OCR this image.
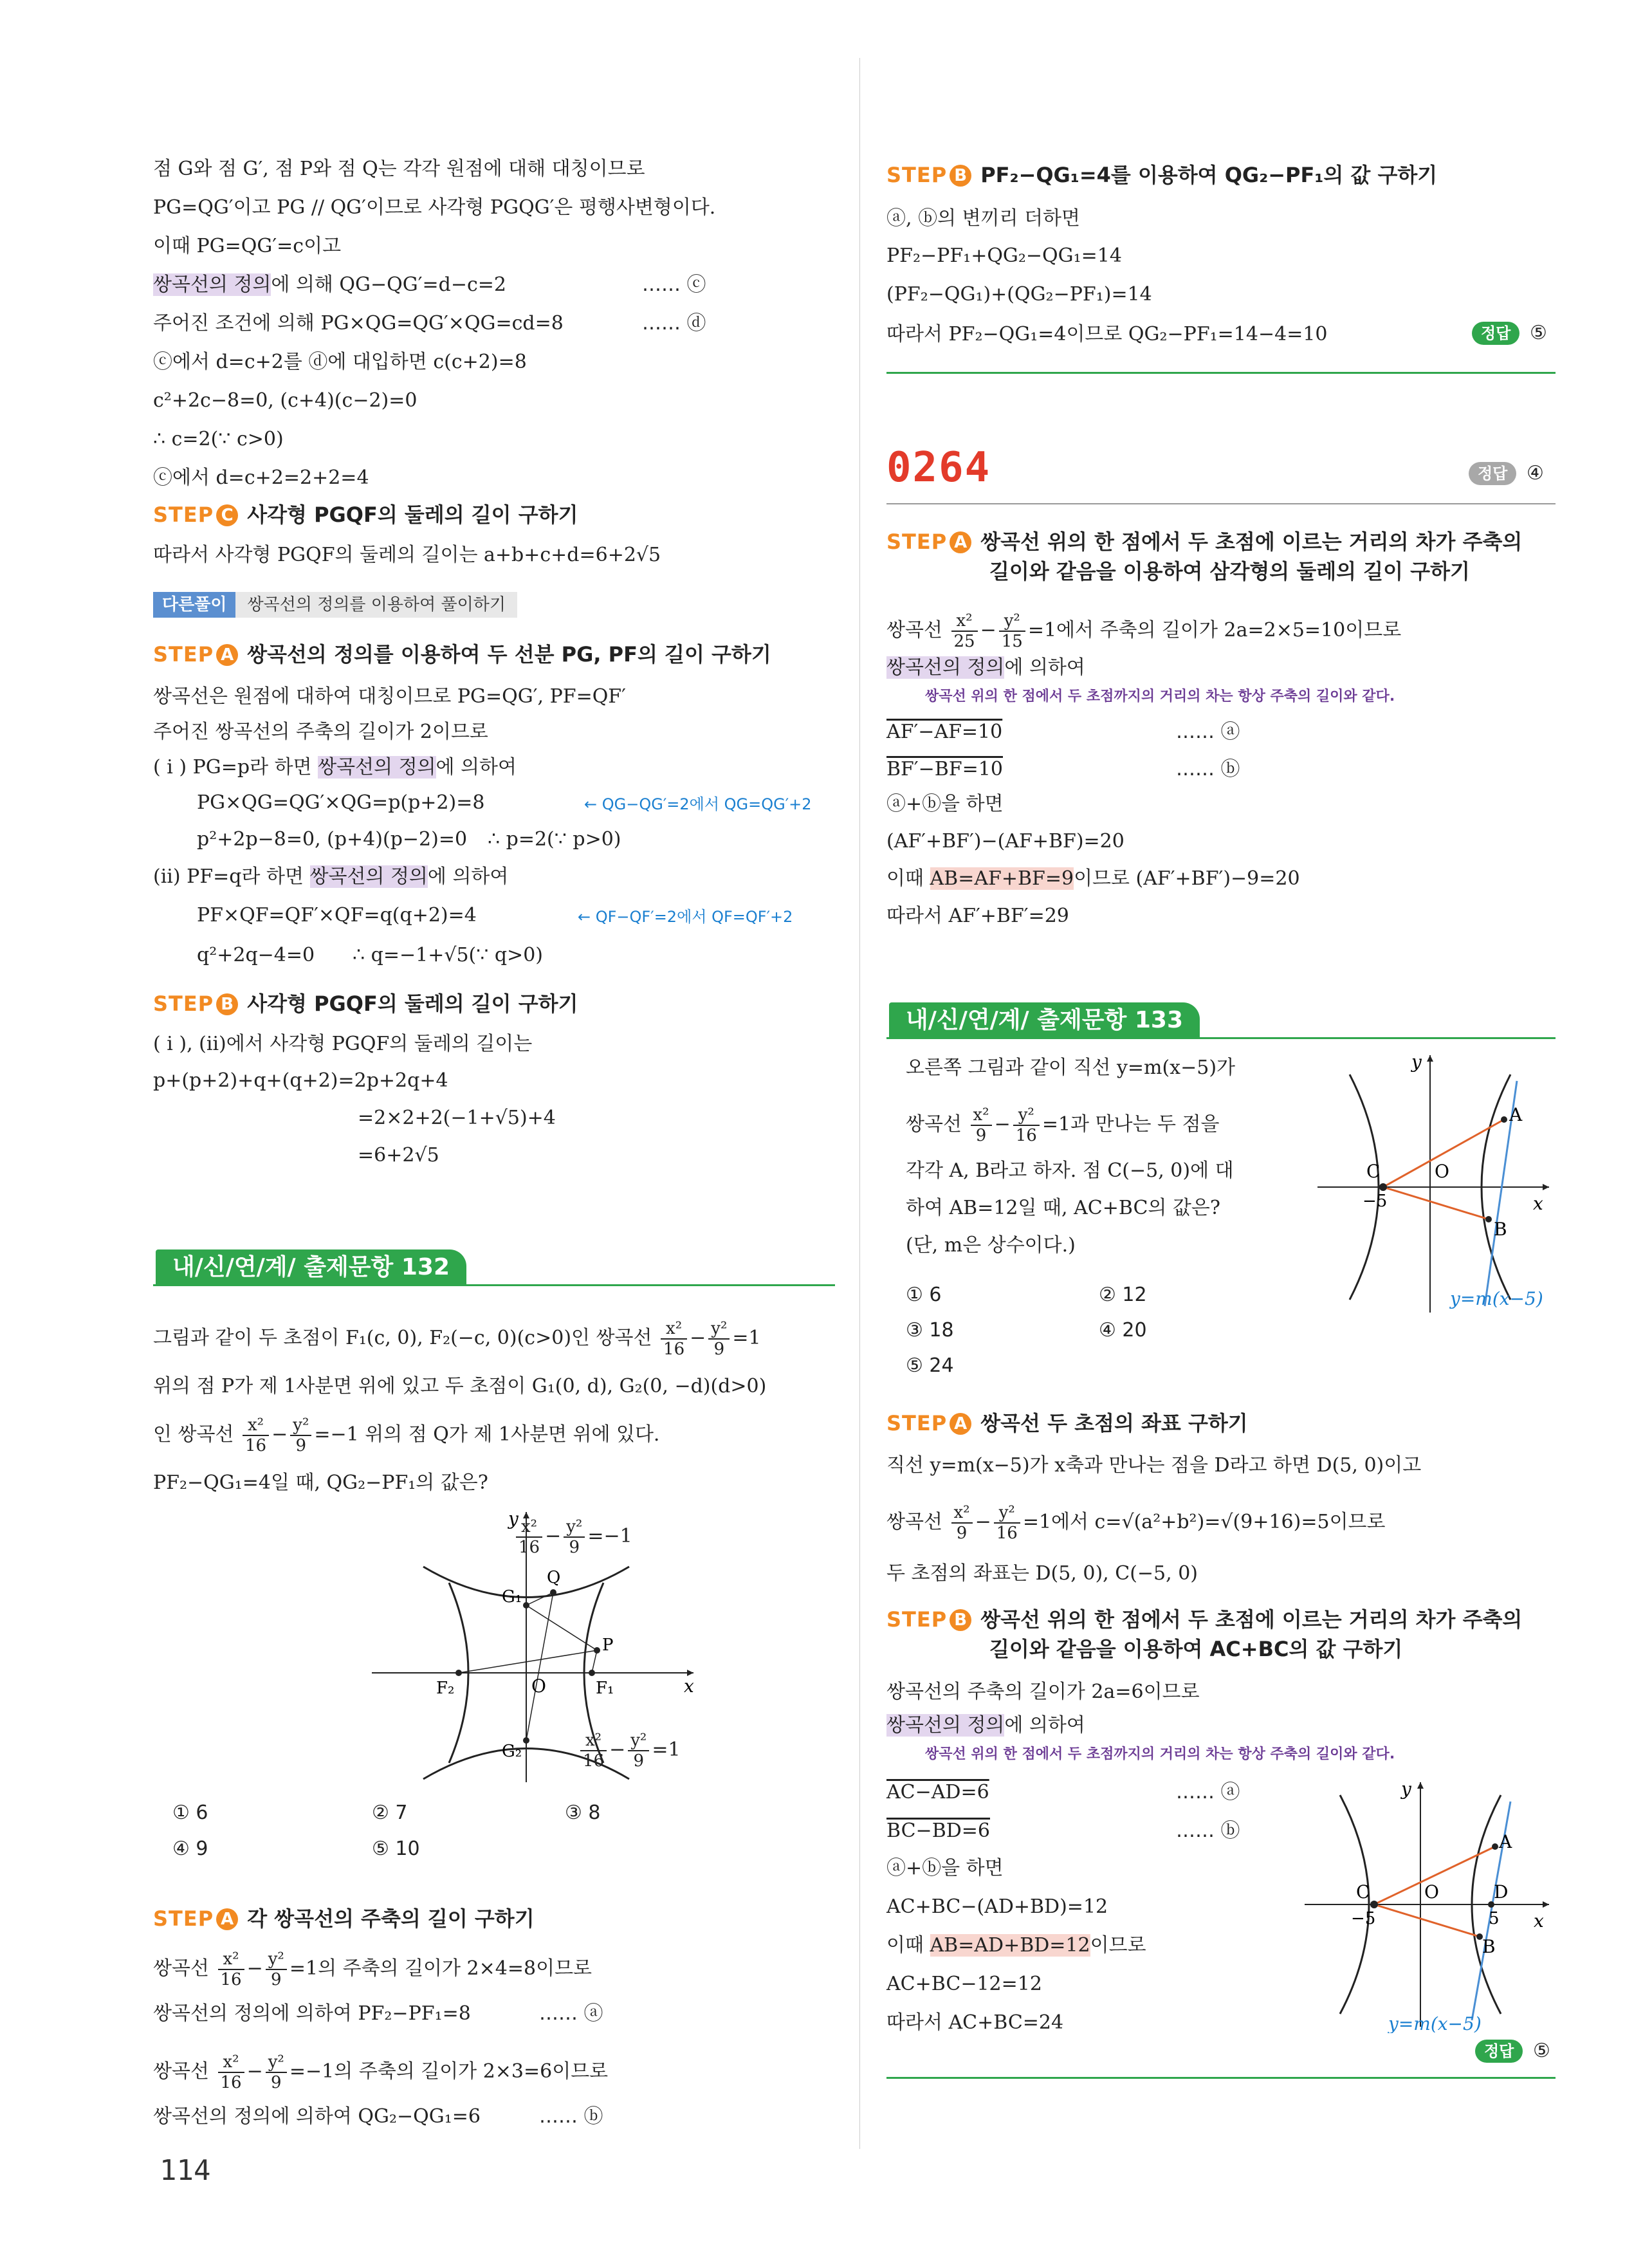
점 G와 점 G′, 점 P와 점 Q는 각각 원점에 대해 대칭이므로
PG=QG′이고 PG // QG′이므로 사각형 PGQG′은 평행사변형이다.
이때 PG=QG′=c이고
쌍곡선의 정의에 의해 QG−QG′=d−c=2	…… ⓒ
주어진 조건에 의해 PG×QG=QG′×QG=cd=8	…… ⓓ
ⓒ에서 d=c+2를 ⓓ에 대입하면 c(c+2)=8
c²+2c−8=0, (c+4)(c−2)=0
∴ c=2(∵ c>0)
ⓒ에서 d=c+2=2+2=4
STEP C 사각형 PGQF의 둘레의 길이 구하기
따라서 사각형 PGQF의 둘레의 길이는 a+b+c+d=6+2√5
다른풀이 쌍곡선의 정의를 이용하여 풀이하기
STEP A 쌍곡선의 정의를 이용하여 두 선분 PG, PF의 길이 구하기
쌍곡선은 원점에 대하여 대칭이므로 PG=QG′, PF=QF′
주어진 쌍곡선의 주축의 길이가 2이므로
( i ) PG=p라 하면 쌍곡선의 정의에 의하여
PG×QG=QG′×QG=p(p+2)=8	← QG−QG′=2에서 QG=QG′+2
p²+2p−8=0, (p+4)(p−2)=0 ∴ p=2(∵ p>0)
(ii) PF=q라 하면 쌍곡선의 정의에 의하여
PF×QF=QF′×QF=q(q+2)=4	← QF−QF′=2에서 QF=QF′+2
q²+2q−4=0 ∴ q=−1+√5(∵ q>0)
STEP B 사각형 PGQF의 둘레의 길이 구하기
( i ), (ii)에서 사각형 PGQF의 둘레의 길이는
p+(p+2)+q+(q+2)=2p+2q+4
=2×2+2(−1+√5)+4
=6+2√5
내/신/연/계/ 출제문항 132
그림과 같이 두 초점이 F₁(c, 0), F₂(−c, 0)(c>0)인 쌍곡선 $\frac{\text{x²}}{16} - \frac{\text{y²}}{9} =1$
위의 점 P가 제 1사분면 위에 있고 두 초점이 G₁(0, d), G₂(0, −d)(d>0)
인 쌍곡선 $\frac{\text{x²}}{16} - \frac{\text{y²}}{9} =-1$ 위의 점 Q가 제 1사분면 위에 있다.
PF₂−QG₁=4일 때, QG₂−PF₁의 값은?
x
y
O	F₁
F₂
G₁
G₂
P
Q
$\frac{\text{x²}}{16} - \frac{\text{y²}}{9} =-1$
$\frac{\text{x²}}{16} - \frac{\text{y²}}{9} =1$
① 6	② 7	③ 8
④ 9	⑤ 10
STEP A 각 쌍곡선의 주축의 길이 구하기
쌍곡선 $\frac{\text{x²}}{16} - \frac{\text{y²}}{9} =1$의 주축의 길이가 2×4=8이므로
쌍곡선의 정의에 의하여 PF₂−PF₁=8	…… ⓐ
쌍곡선 $\frac{\text{x²}}{16} - \frac{\text{y²}}{9} =-1$의 주축의 길이가 2×3=6이므로
쌍곡선의 정의에 의하여 QG₂−QG₁=6	…… ⓑ
114
STEP B PF₂−QG₁=4를 이용하여 QG₂−PF₁의 값 구하기
ⓐ, ⓑ의 변끼리 더하면
PF₂−PF₁+QG₂−QG₁=14
(PF₂−QG₁)+(QG₂−PF₁)=14
따라서 PF₂−QG₁=4이므로 QG₂−PF₁=14−4=10	정답 ⑤
0264	정답 ④
STEP A 쌍곡선 위의 한 점에서 두 초점에 이르는 거리의 차가 주축의
길이와 같음을 이용하여 삼각형의 둘레의 길이 구하기
쌍곡선 $\frac{\text{x²}}{25} - \frac{\text{y²}}{15} =1$에서 주축의 길이가 2a=2×5=10이므로
쌍곡선의 정의에 의하여
쌍곡선 위의 한 점에서 두 초점까지의 거리의 차는 항상 주축의 길이와 같다.
AF′−AF=10	…… ⓐ
BF′−BF=10	…… ⓑ
ⓐ+ⓑ을 하면
(AF′+BF′)−(AF+BF)=20
이때 AB=AF+BF=9이므로 (AF′+BF′)−9=20
따라서 AF′+BF′=29
내/신/연/계/ 출제문항 133
오른쪽 그림과 같이 직선 y=m(x−5)가
쌍곡선 $\frac{\text{x²}}{9} - \frac{\text{y²}}{16} =1$과 만나는 두 점을
각각 A, B라고 하자. 점 C(−5, 0)에 대
하여 AB=12일 때, AC+BC의 값은?
(단, m은 상수이다.)
① 6	② 12
③ 18	④ 20
⑤ 24
x
y
O
A
B
C
−5
y=m(x−5)
STEP A 쌍곡선 두 초점의 좌표 구하기
직선 y=m(x−5)가 x축과 만나는 점을 D라고 하면 D(5, 0)이고
쌍곡선 $\frac{\text{x²}}{9} - \frac{\text{y²}}{16} =1$에서 c=√(a²+b²)=√(9+16)=5이므로
두 초점의 좌표는 D(5, 0), C(−5, 0)
STEP B 쌍곡선 위의 한 점에서 두 초점에 이르는 거리의 차가 주축의
길이와 같음을 이용하여 AC+BC의 값 구하기
쌍곡선의 주축의 길이가 2a=6이므로
쌍곡선의 정의에 의하여
쌍곡선 위의 한 점에서 두 초점까지의 거리의 차는 항상 주축의 길이와 같다.
AC−AD=6	…… ⓐ
BC−BD=6	…… ⓑ
ⓐ+ⓑ을 하면
AC+BC−(AD+BD)=12
이때 AB=AD+BD=12이므로
AC+BC−12=12
따라서 AC+BC=24
x
y
O
A
B
C	D
−5	5
y=m(x−5)
정답 ⑤
